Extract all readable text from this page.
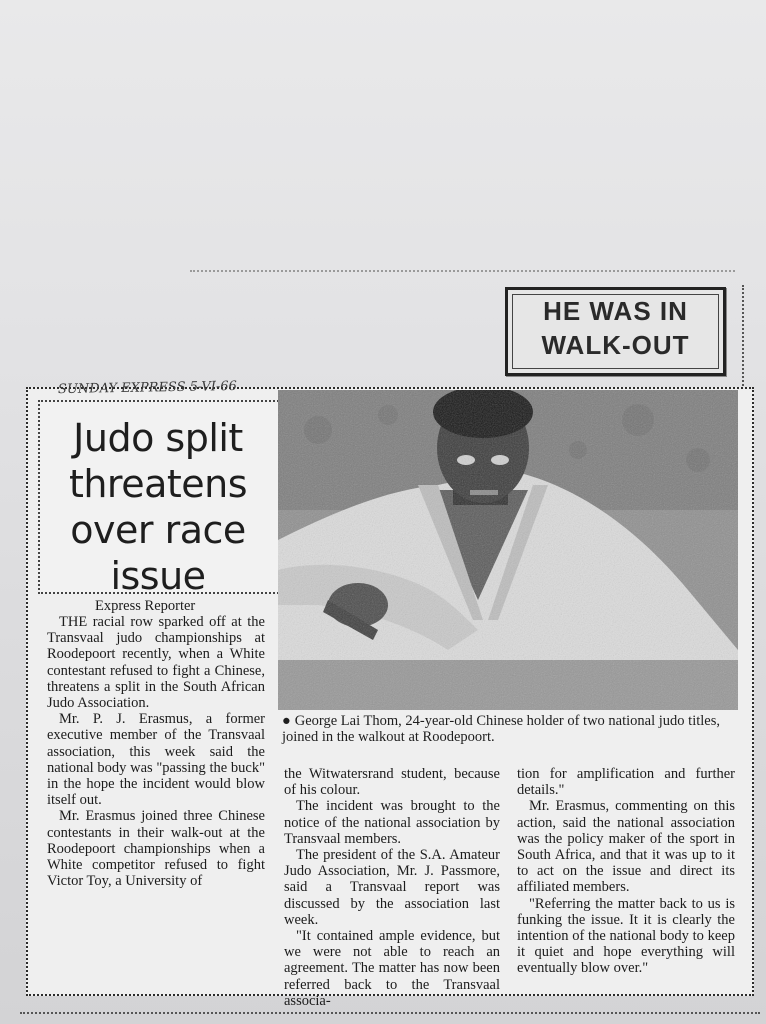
HE WAS IN
WALK-OUT
SUNDAY EXPRESS 5-VI-66
Judo split
threatens
over race
issue
● George Lai Thom, 24-year-old Chinese holder of two national judo titles, joined in the walkout at Roodepoort.
Express Reporter

THE racial row sparked off at the Transvaal judo championships at Roodepoort recently, when a White contestant refused to fight a Chinese, threatens a split in the South African Judo Association.

Mr. P. J. Erasmus, a former executive member of the Transvaal association, this week said the national body was "passing the buck" in the hope the incident would blow itself out.

Mr. Erasmus joined three Chinese contestants in their walk-out at the Roodepoort championships when a White competitor refused to fight Victor Toy, a University of

the Witwatersrand student, because of his colour.

The incident was brought to the notice of the national association by Transvaal members.

The president of the S.A. Amateur Judo Association, Mr. J. Passmore, said a Transvaal report was discussed by the association last week.

"It contained ample evidence, but we were not able to reach an agreement. The matter has now been referred back to the Transvaal associa-

tion for amplification and further details."

Mr. Erasmus, commenting on this action, said the national association was the policy maker of the sport in South Africa, and that it was up to it to act on the issue and direct its affiliated members.

"Referring the matter back to us is funking the issue. It it is clearly the intention of the national body to keep it quiet and hope everything will eventually blow over."
